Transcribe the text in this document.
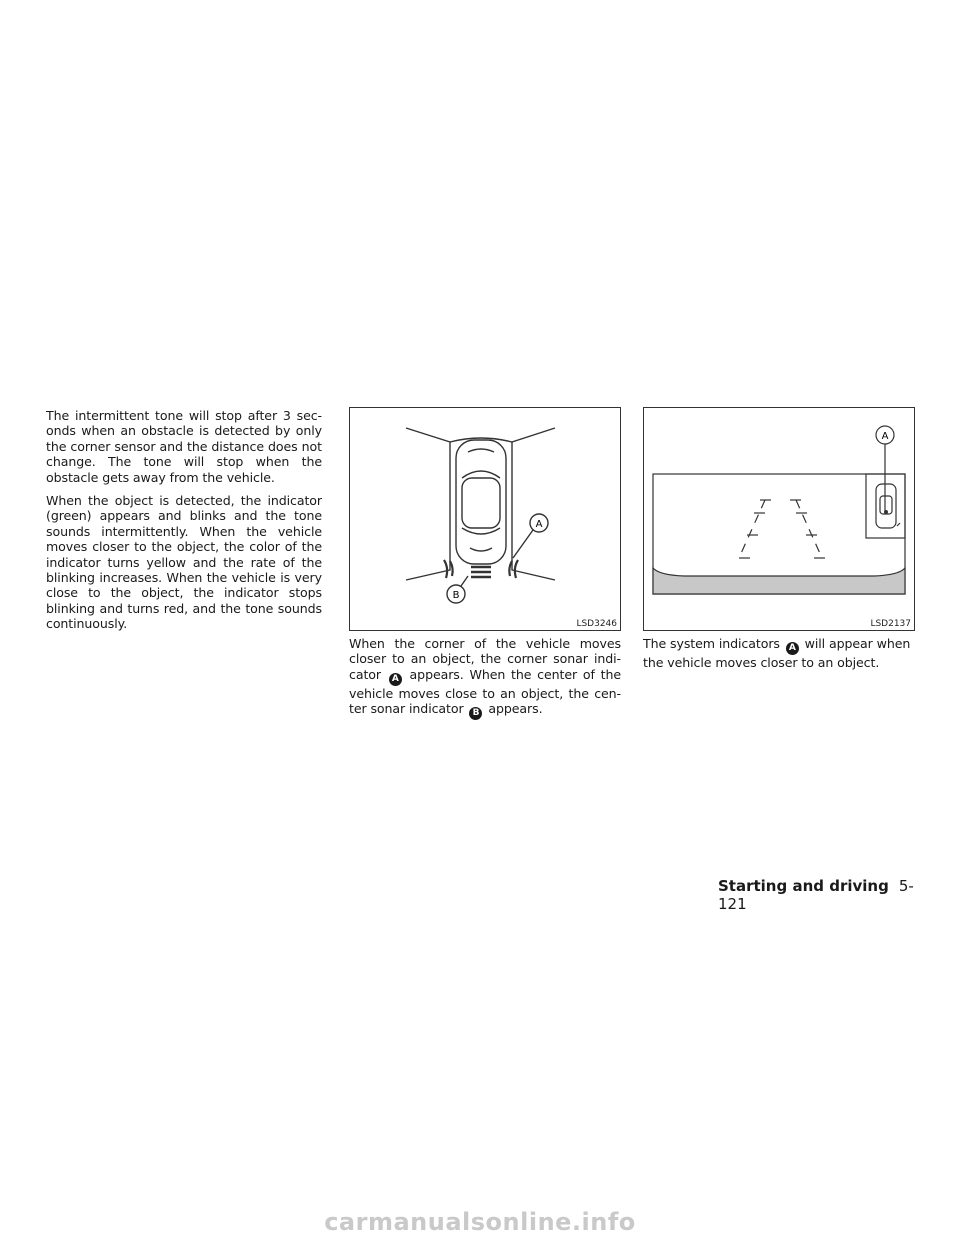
The intermittent tone will stop after 3 sec-onds when an obstacle is detected by only the corner sensor and the distance does not change. The tone will stop when the obstacle gets away from the vehicle.

When the object is detected, the indicator (green) appears and blinks and the tone sounds intermittently. When the vehicle moves closer to the object, the color of the indicator turns yellow and the rate of the blinking increases. When the vehicle is very close to the object, the indicator stops blinking and turns red, and the tone sounds continuously.

A
B
LSD3246
A
LSD2137

When the corner of the vehicle moves closer to an object, the corner sonar indi-cator A appears. When the center of the vehicle moves close to an object, the cen-ter sonar indicator B appears.

The system indicators A will appear when the vehicle moves closer to an object.

Starting and driving 5-121
carmanualsonline.info
